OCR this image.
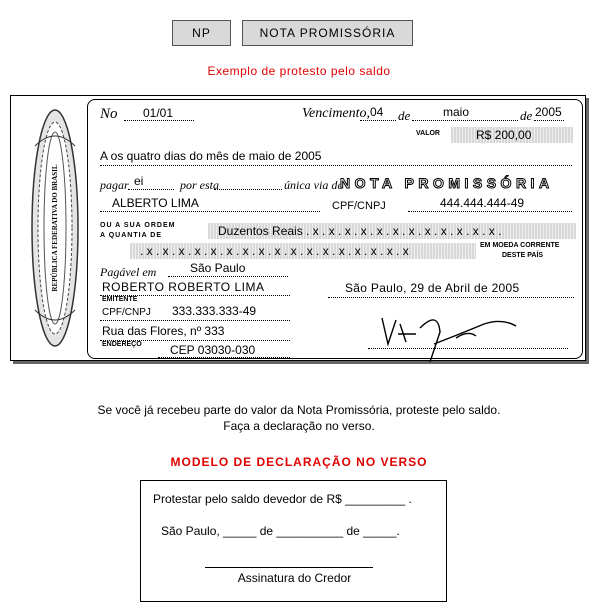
NP	NOTA PROMISSÓRIA
Exemplo de protesto pelo saldo
REPÚBLICA FEDERATIVA DO BRASIL
No 01/01	Vencimento, 04 de	maio	de 2005
VALOR	R$ 200,00
A os quatro dias do mês de maio de 2005
pagar ei	por esta	única via de
NOTA PROMISSÓRIA
ALBERTO LIMA	CPF/CNPJ	444.444.444-49
OU A SUA ORDEM
A QUANTIA DE	Duzentos Reais . x . x . x . x . x . x . x . x . x . x . x . x .
. x . x . x . x . x . x . x . x . x . x . x . x . x . x . x . x . x	EM MOEDA CORRENTE
DESTE PAÍS
Pagável em	São Paulo
ROBERTO ROBERTO LIMA
EMITENTE
CPF/CNPJ 333.333.333-49
Rua das Flores, nº 333
ENDEREÇO CEP 03030-030
São Paulo, 29 de Abril de 2005
Se você já recebeu parte do valor da Nota Promissória, proteste pelo saldo.
Faça a declaração no verso.
MODELO DE DECLARAÇÃO NO VERSO
Protestar pelo saldo devedor de R$ _________ .
São Paulo, _____ de __________ de _____.
Assinatura do Credor
